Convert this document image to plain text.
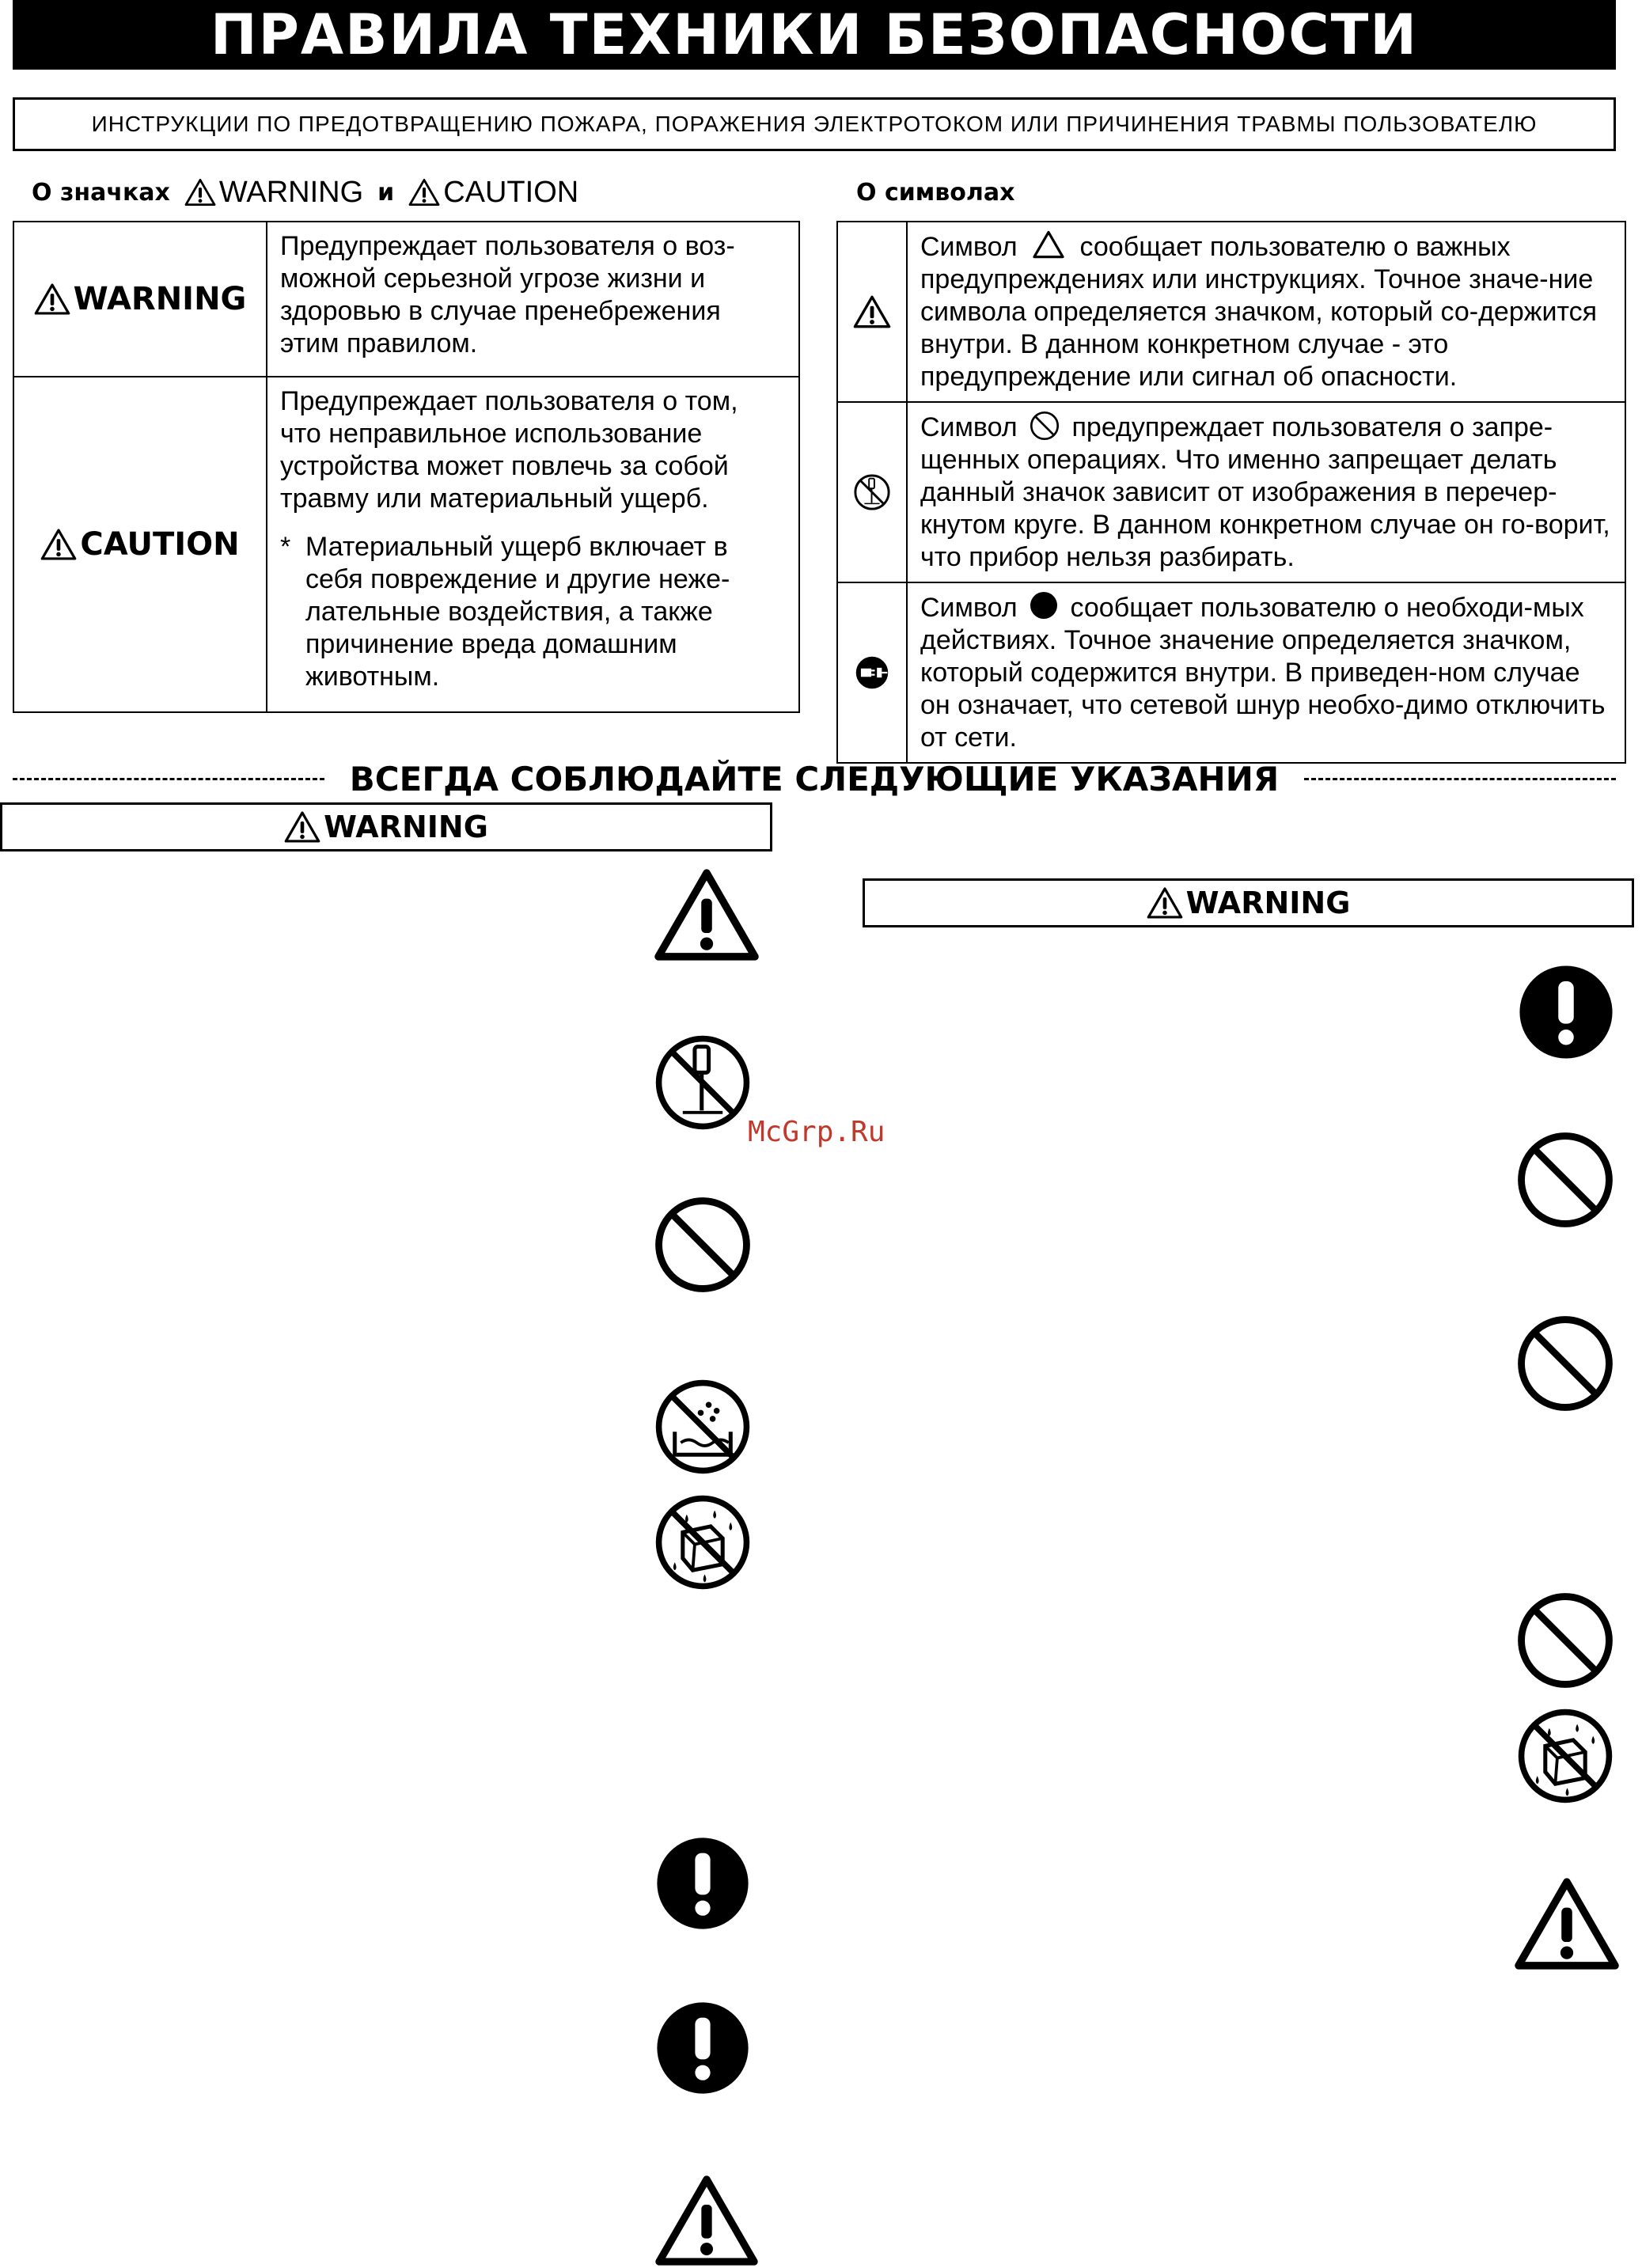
ПРАВИЛА ТЕХНИКИ БЕЗОПАСНОСТИ
ИНСТРУКЦИИ ПО ПРЕДОТВРАЩЕНИЮ ПОЖАРА, ПОРАЖЕНИЯ ЭЛЕКТРОТОКОМ ИЛИ ПРИЧИНЕНИЯ ТРАВМЫ ПОЛЬЗОВАТЕЛЮ
О значках WARNING и CAUTION	О символах
WARNING	Предупреждает пользователя о воз-можной серьезной угрозе жизни и здоровью в случае пренебрежения этим правилом.

CAUTION	Предупреждает пользователя о том, что неправильное использование устройства может повлечь за собой травму или материальный ущерб.
* Материальный ущерб включает в себя повреждение и другие неже-лательные воздействия, а также причинение вреда домашним животным.

Символ сообщает пользователю о важных предупреждениях или инструкциях. Точное значе-ние символа определяется значком, который со-держится внутри. В данном конкретном случае - это предупреждение или сигнал об опасности.

Символ предупреждает пользователя о запре-щенных операциях. Что именно запрещает делать данный значок зависит от изображения в перечер-кнутом круге. В данном конкретном случае он го-ворит, что прибор нельзя разбирать.

Символ сообщает пользователю о необходи-мых действиях. Точное значение определяется значком, который содержится внутри. В приведен-ном случае он означает, что сетевой шнур необхо-димо отключить от сети.
ВСЕГДА СОБЛЮДАЙТЕ СЛЕДУЮЩИЕ УКАЗАНИЯ
WARNING
WARNING
McGrp.Ru
